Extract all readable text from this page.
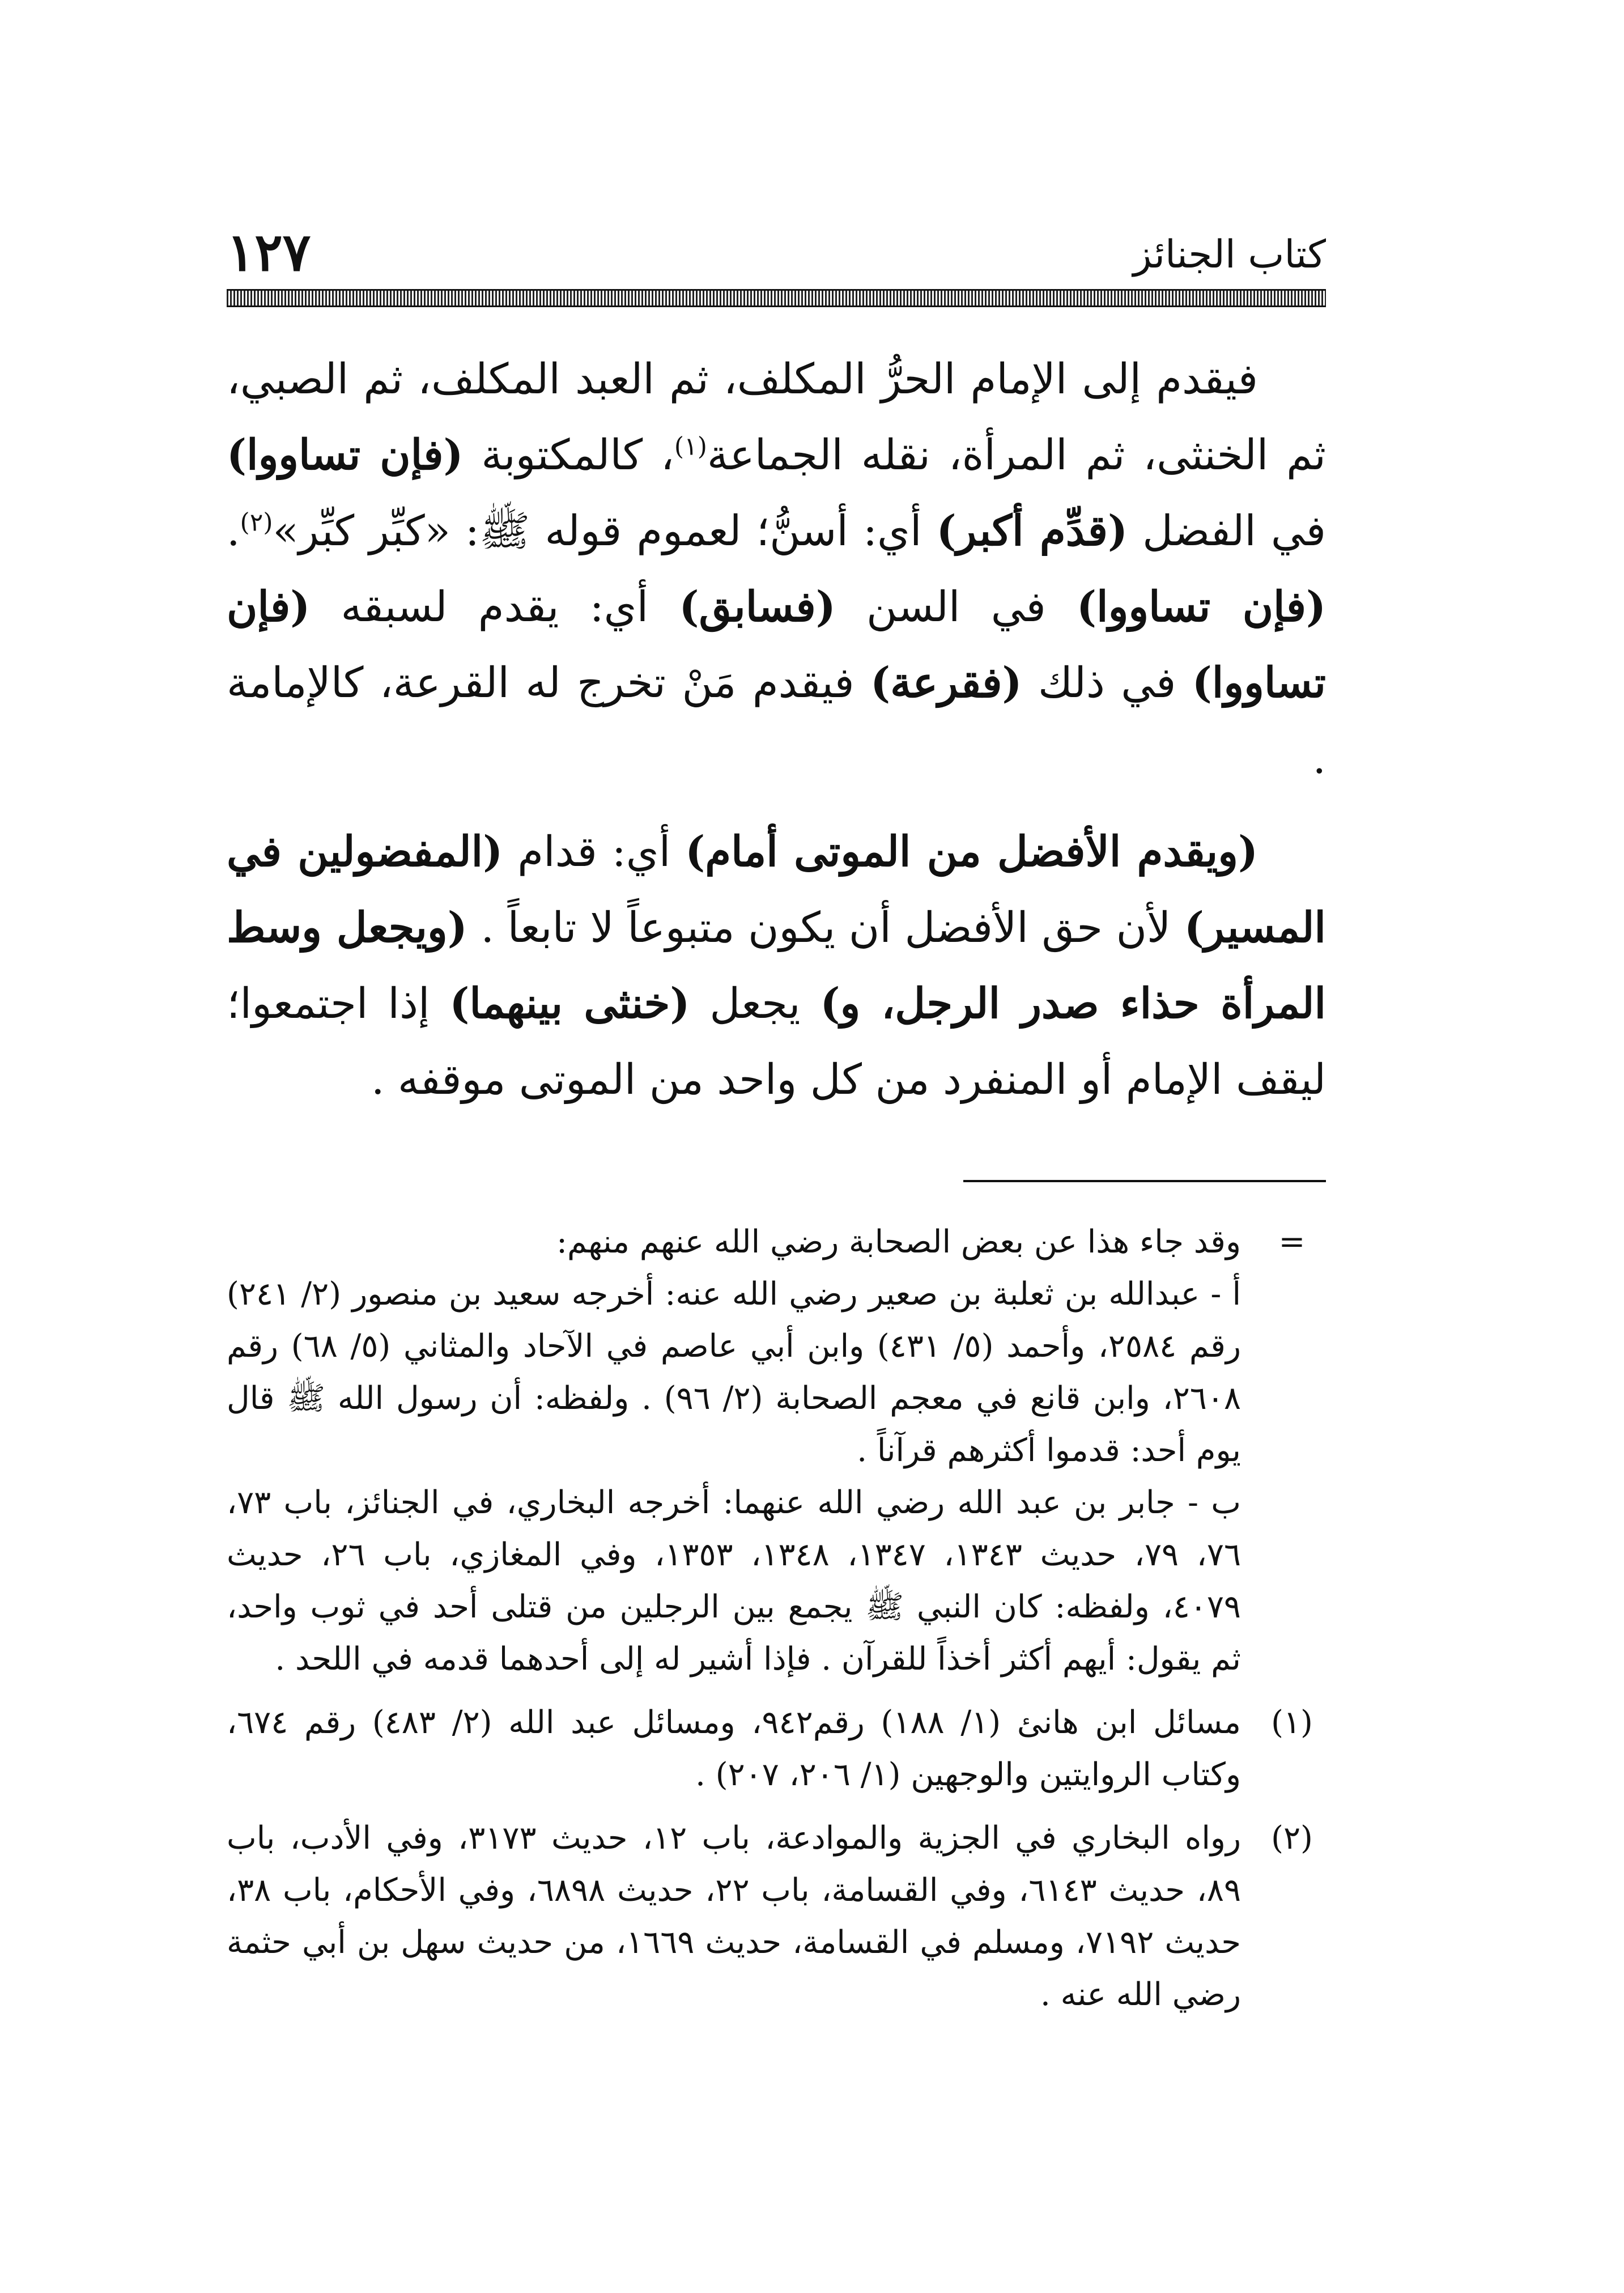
١٢٧	كتاب الجنائز

فيقدم إلى الإمام الحرُّ المكلف، ثم العبد المكلف، ثم الصبي، ثم الخنثى، ثم المرأة، نقله الجماعة$^{(١)}$، كالمكتوبة (فإن تساووا) في الفضل (قدِّم أكبر) أي: أسنُّ؛ لعموم قوله ﷺ: «كبِّر كبِّر»$^{(٢)}$. (فإن تساووا) في السن (فسابق) أي: يقدم لسبقه (فإن تساووا) في ذلك (فقرعة) فيقدم مَنْ تخرج له القرعة، كالإمامة .

(ويقدم الأفضل من الموتى أمام) أي: قدام (المفضولين في المسير) لأن حق الأفضل أن يكون متبوعاً لا تابعاً . (ويجعل وسط المرأة حذاء صدر الرجل، و) يجعل (خنثى بينهما) إذا اجتمعوا؛ ليقف الإمام أو المنفرد من كل واحد من الموتى موقفه .

=
وقد جاء هذا عن بعض الصحابة رضي الله عنهم منهم:
أ - عبدالله بن ثعلبة بن صعير رضي الله عنه: أخرجه سعيد بن منصور (٢/ ٢٤١) رقم ٢٥٨٤، وأحمد (٥/ ٤٣١) وابن أبي عاصم في الآحاد والمثاني (٥/ ٦٨) رقم ٢٦٠٨، وابن قانع في معجم الصحابة (٢/ ٩٦) . ولفظه: أن رسول الله ﷺ قال يوم أحد: قدموا أكثرهم قرآناً .
ب - جابر بن عبد الله رضي الله عنهما: أخرجه البخاري، في الجنائز، باب ٧٣، ٧٦، ٧٩، حديث ١٣٤٣، ١٣٤٧، ١٣٤٨، ١٣٥٣، وفي المغازي، باب ٢٦، حديث ٤٠٧٩، ولفظه: كان النبي ﷺ يجمع بين الرجلين من قتلى أحد في ثوب واحد، ثم يقول: أيهم أكثر أخذاً للقرآن . فإذا أشير له إلى أحدهما قدمه في اللحد .
(١)
مسائل ابن هانئ (١/ ١٨٨) رقم٩٤٢، ومسائل عبد الله (٢/ ٤٨٣) رقم ٦٧٤، وكتاب الروايتين والوجهين (١/ ٢٠٦، ٢٠٧) .
(٢)
رواه البخاري في الجزية والموادعة، باب ١٢، حديث ٣١٧٣، وفي الأدب، باب ٨٩، حديث ٦١٤٣، وفي القسامة، باب ٢٢، حديث ٦٨٩٨، وفي الأحكام، باب ٣٨، حديث ٧١٩٢، ومسلم في القسامة، حديث ١٦٦٩، من حديث سهل بن أبي حثمة رضي الله عنه .
